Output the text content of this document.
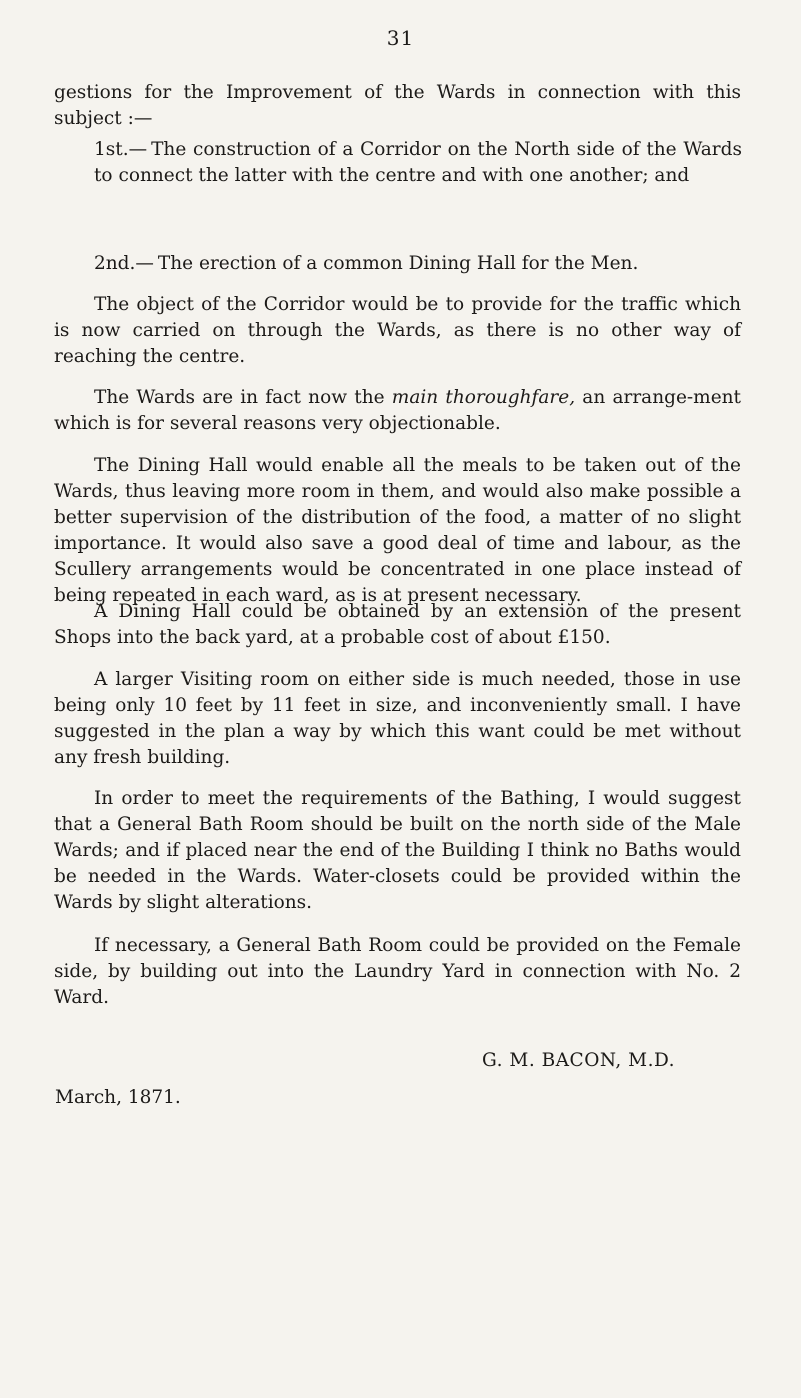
31
gestions for the Improvement of the Wards in connection with this subject :—
1st.— The construction of a Corridor on the North side of the Wards to connect the latter with the centre and with one another; and
2nd.— The erection of a common Dining Hall for the Men.
The object of the Corridor would be to provide for the traffic which is now carried on through the Wards, as there is no other way of reaching the centre.
The Wards are in fact now the main thoroughfare, an arrange-ment which is for several reasons very objectionable.
The Dining Hall would enable all the meals to be taken out of the Wards, thus leaving more room in them, and would also make possible a better supervision of the distribution of the food, a matter of no slight importance. It would also save a good deal of time and labour, as the Scullery arrangements would be concentrated in one place instead of being repeated in each ward, as is at present necessary.
A Dining Hall could be obtained by an extension of the present Shops into the back yard, at a probable cost of about £150.
A larger Visiting room on either side is much needed, those in use being only 10 feet by 11 feet in size, and inconveniently small. I have suggested in the plan a way by which this want could be met without any fresh building.
In order to meet the requirements of the Bathing, I would suggest that a General Bath Room should be built on the north side of the Male Wards; and if placed near the end of the Building I think no Baths would be needed in the Wards. Water-closets could be provided within the Wards by slight alterations.
If necessary, a General Bath Room could be provided on the Female side, by building out into the Laundry Yard in connection with No. 2 Ward.
G. M. BACON, M.D.
March, 1871.
